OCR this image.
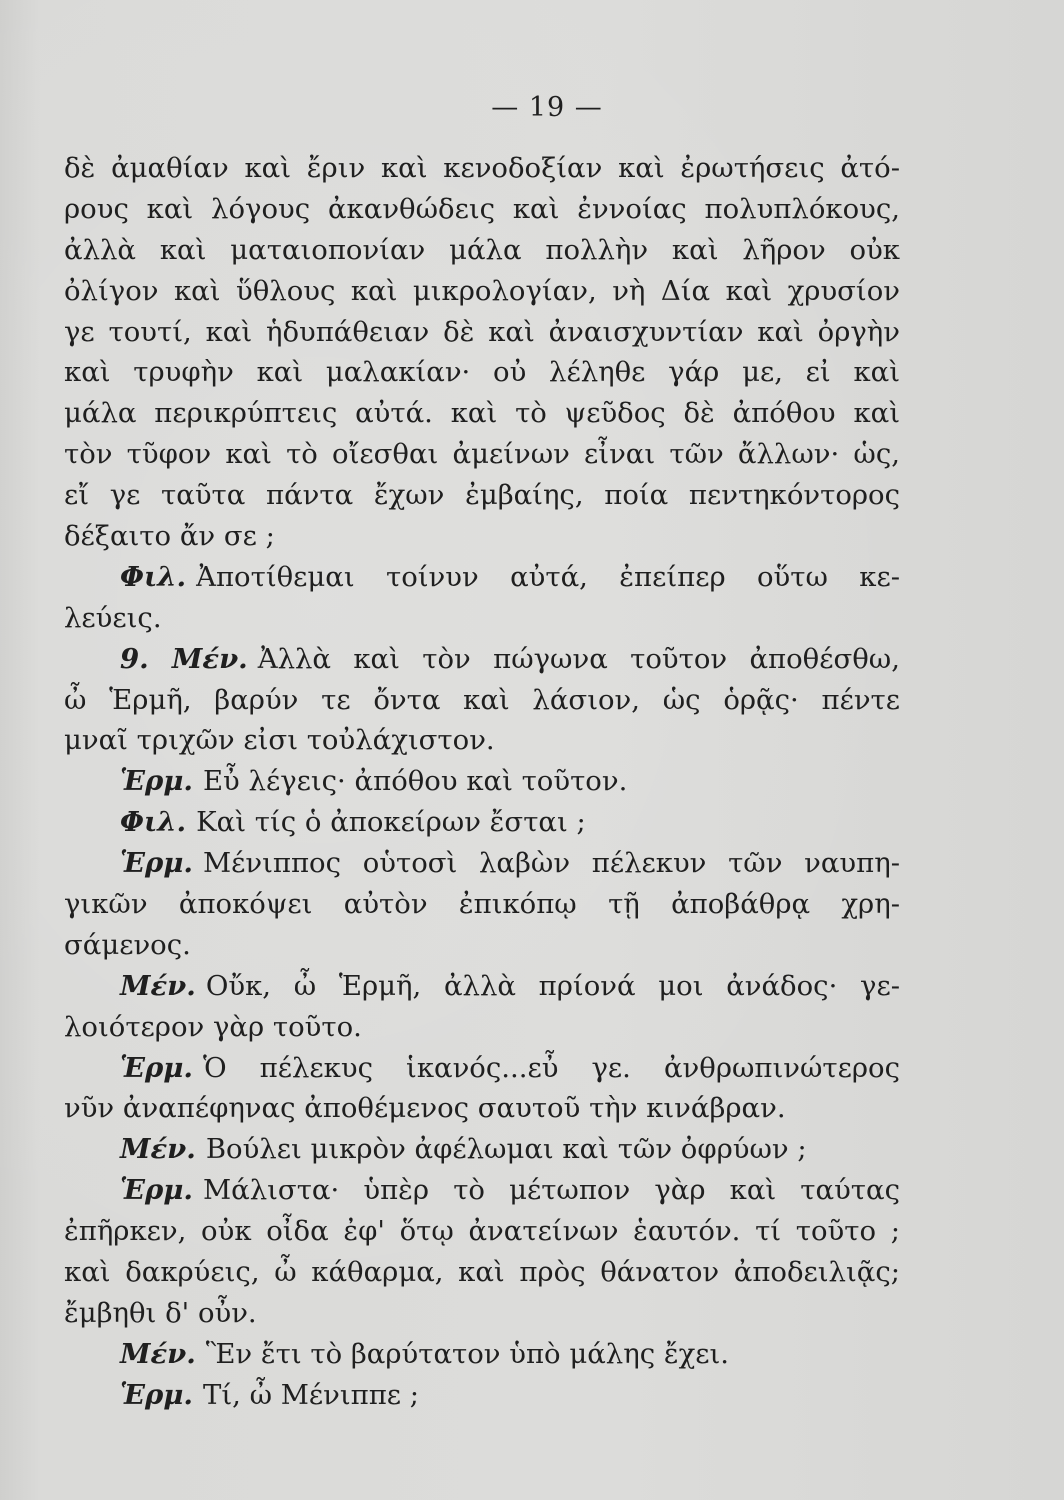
— 19 —
δὲ ἀμαθίαν καὶ ἔριν καὶ κενοδοξίαν καὶ ἐρωτήσεις ἀτό-
ρους καὶ λόγους ἀκανθώδεις καὶ ἐννοίας πολυπλόκους,
ἀλλὰ καὶ ματαιοπονίαν μάλα πολλὴν καὶ λῆρον οὐκ
ὀλίγον καὶ ὕθλους καὶ μικρολογίαν, νὴ Δία καὶ χρυσίον
γε τουτί, καὶ ἡδυπάθειαν δὲ καὶ ἀναισχυντίαν καὶ ὀργὴν
καὶ τρυφὴν καὶ μαλακίαν· οὐ λέληθε γάρ με, εἰ καὶ
μάλα περικρύπτεις αὐτά. καὶ τὸ ψεῦδος δὲ ἀπόθου καὶ
τὸν τῦφον καὶ τὸ οἴεσθαι ἀμείνων εἶναι τῶν ἄλλων· ὡς,
εἴ γε ταῦτα πάντα ἔχων ἐμβαίης, ποία πεντηκόντορος
δέξαιτο ἄν σε ;
Φιλ. Ἀποτίθεμαι τοίνυν αὐτά, ἐπείπερ οὕτω κε-
λεύεις.
9. Μέν. Ἀλλὰ καὶ τὸν πώγωνα τοῦτον ἀποθέσθω,
ὦ Ἑρμῆ, βαρύν τε ὄντα καὶ λάσιον, ὡς ὁρᾷς· πέντε
μναῖ τριχῶν εἰσι τοὐλάχιστον.
Ἑρμ. Εὖ λέγεις· ἀπόθου καὶ τοῦτον.
Φιλ. Καὶ τίς ὁ ἀποκείρων ἔσται ;
Ἑρμ. Μένιππος οὑτοσὶ λαβὼν πέλεκυν τῶν ναυπη-
γικῶν ἀποκόψει αὐτὸν ἐπικόπῳ τῇ ἀποβάθρᾳ χρη-
σάμενος.
Μέν. Οὔκ, ὦ Ἑρμῆ, ἀλλὰ πρίονά μοι ἀνάδος· γε-
λοιότερον γὰρ τοῦτο.
Ἑρμ. Ὁ πέλεκυς ἱκανός...εὖ γε. ἀνθρωπινώτερος
νῦν ἀναπέφηνας ἀποθέμενος σαυτοῦ τὴν κινάβραν.
Μέν. Βούλει μικρὸν ἀφέλωμαι καὶ τῶν ὀφρύων ;
Ἑρμ. Μάλιστα· ὑπὲρ τὸ μέτωπον γὰρ καὶ ταύτας
ἐπῆρκεν, οὐκ οἶδα ἐφ' ὅτῳ ἀνατείνων ἑαυτόν. τί τοῦτο ;
καὶ δακρύεις, ὦ κάθαρμα, καὶ πρὸς θάνατον ἀποδειλιᾷς;
ἔμβηθι δ' οὖν.
Μέν. Ἓν ἔτι τὸ βαρύτατον ὑπὸ μάλης ἔχει.
Ἑρμ. Τί, ὦ Μένιππε ;
